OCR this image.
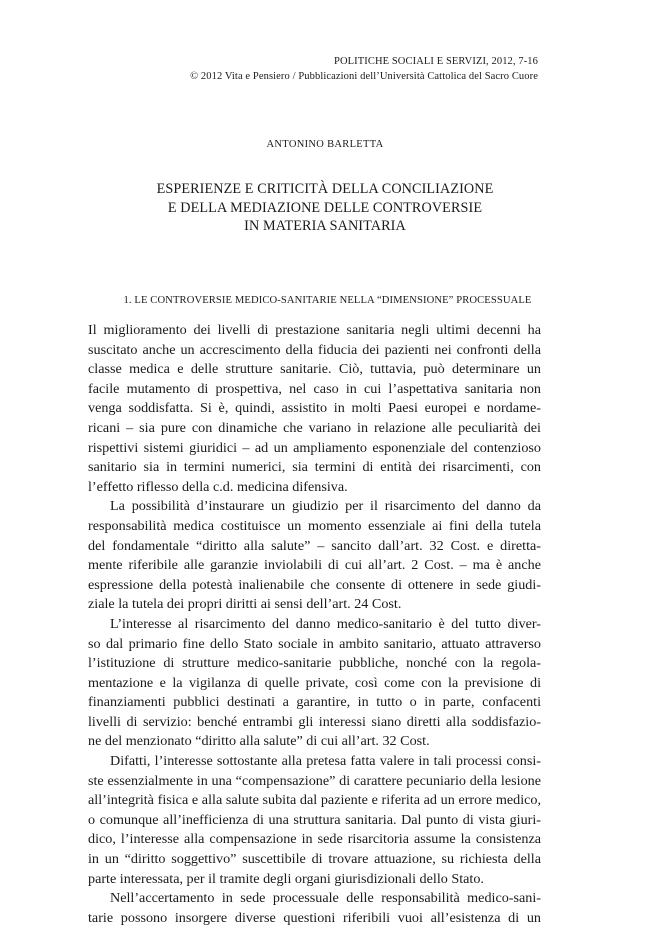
POLITICHE SOCIALI E SERVIZI, 2012, 7-16
© 2012 Vita e Pensiero / Pubblicazioni dell’Università Cattolica del Sacro Cuore
ANTONINO BARLETTA
ESPERIENZE E CRITICITÀ DELLA CONCILIAZIONE
E DELLA MEDIAZIONE DELLE CONTROVERSIE
IN MATERIA SANITARIA
1. LE CONTROVERSIE MEDICO-SANITARIE NELLA “DIMENSIONE” PROCESSUALE
Il miglioramento dei livelli di prestazione sanitaria negli ultimi decenni ha
suscitato anche un accrescimento della fiducia dei pazienti nei confronti della
classe medica e delle strutture sanitarie. Ciò, tuttavia, può determinare un
facile mutamento di prospettiva, nel caso in cui l’aspettativa sanitaria non
venga soddisfatta. Si è, quindi, assistito in molti Paesi europei e nordame-
ricani – sia pure con dinamiche che variano in relazione alle peculiarità dei
rispettivi sistemi giuridici – ad un ampliamento esponenziale del contenzioso
sanitario sia in termini numerici, sia termini di entità dei risarcimenti, con
l’effetto riflesso della c.d. medicina difensiva.
La possibilità d’instaurare un giudizio per il risarcimento del danno da
responsabilità medica costituisce un momento essenziale ai fini della tutela
del fondamentale “diritto alla salute” – sancito dall’art. 32 Cost. e diretta-
mente riferibile alle garanzie inviolabili di cui all’art. 2 Cost. – ma è anche
espressione della potestà inalienabile che consente di ottenere in sede giudi-
ziale la tutela dei propri diritti ai sensi dell’art. 24 Cost.
L’interesse al risarcimento del danno medico-sanitario è del tutto diver-
so dal primario fine dello Stato sociale in ambito sanitario, attuato attraverso
l’istituzione di strutture medico-sanitarie pubbliche, nonché con la regola-
mentazione e la vigilanza di quelle private, così come con la previsione di
finanziamenti pubblici destinati a garantire, in tutto o in parte, confacenti
livelli di servizio: benché entrambi gli interessi siano diretti alla soddisfazio-
ne del menzionato “diritto alla salute” di cui all’art. 32 Cost.
Difatti, l’interesse sottostante alla pretesa fatta valere in tali processi consi-
ste essenzialmente in una “compensazione” di carattere pecuniario della lesione
all’integrità fisica e alla salute subita dal paziente e riferita ad un errore medico,
o comunque all’inefficienza di una struttura sanitaria. Dal punto di vista giuri-
dico, l’interesse alla compensazione in sede risarcitoria assume la consistenza
in un “diritto soggettivo” suscettibile di trovare attuazione, su richiesta della
parte interessata, per il tramite degli organi giurisdizionali dello Stato.
Nell’accertamento in sede processuale delle responsabilità medico-sani-
tarie possono insorgere diverse questioni riferibili vuoi all’esistenza di un
